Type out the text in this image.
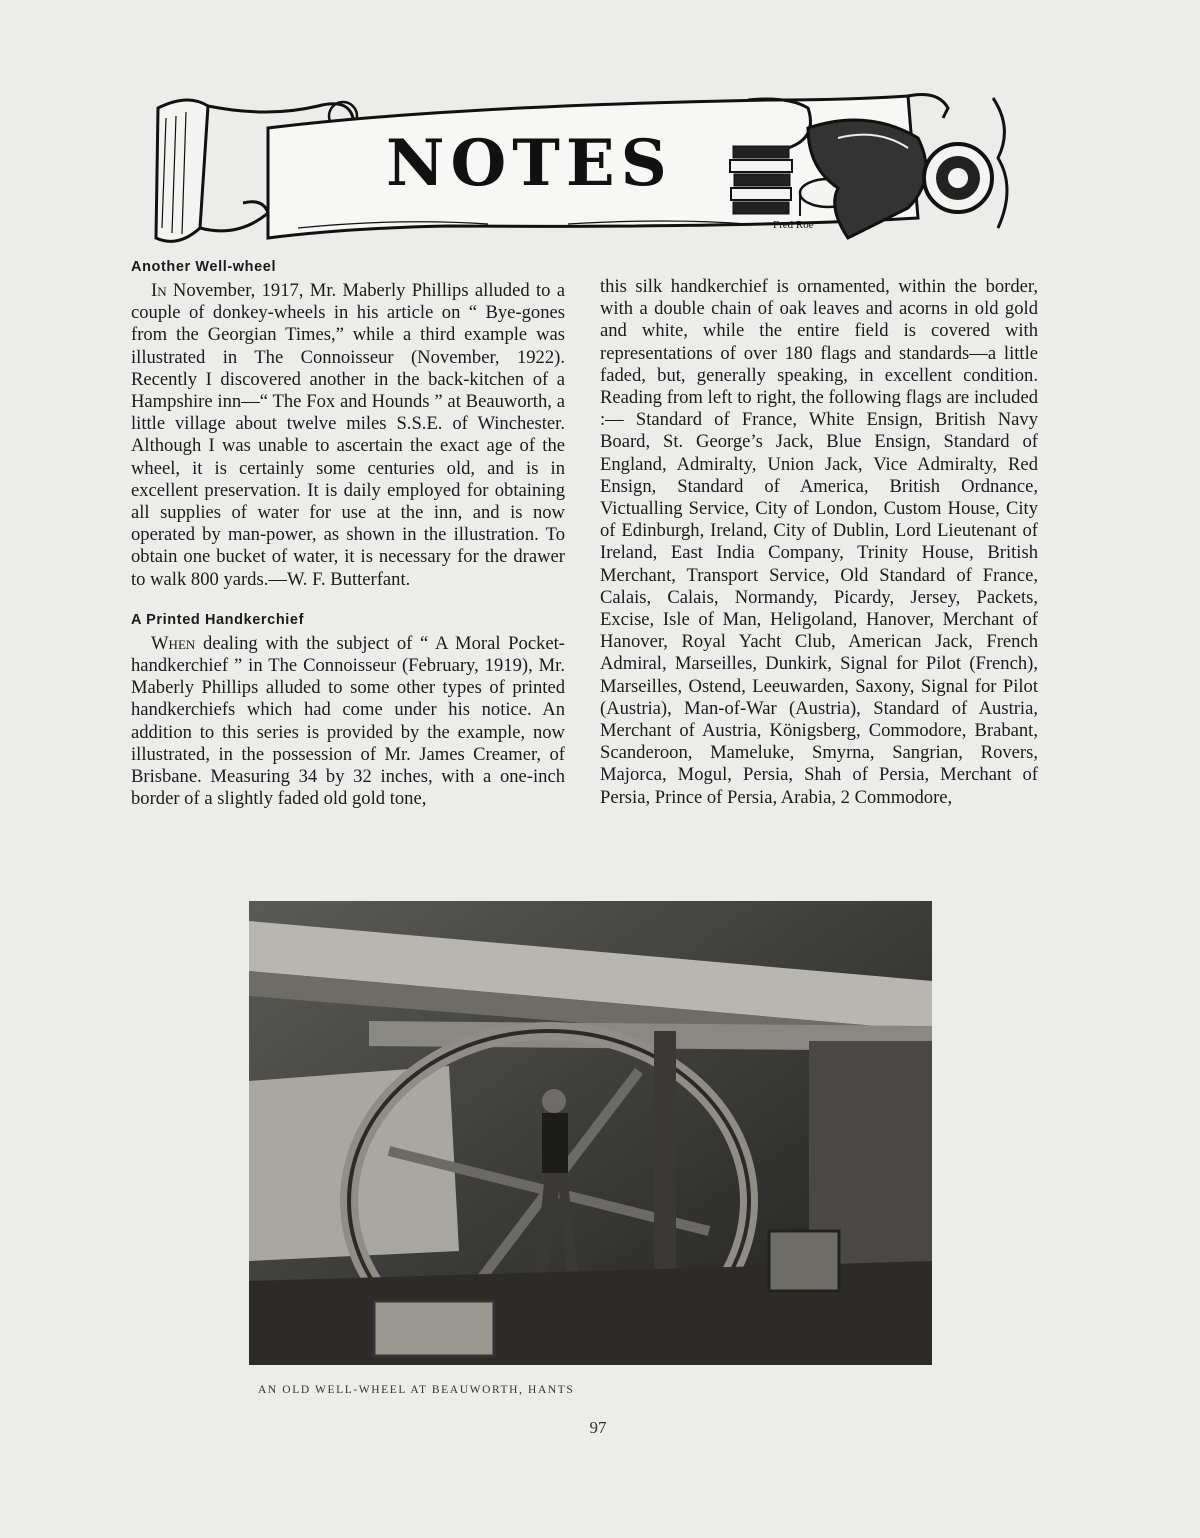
Fred Roe
NOTES
Another Well-wheel

In November, 1917, Mr. Maberly Phillips alluded to a couple of donkey-wheels in his article on “ Bye-gones from the Georgian Times,” while a third example was illustrated in The Connoisseur (November, 1922). Recently I discovered another in the back-kitchen of a Hampshire inn—“ The Fox and Hounds ” at Beauworth, a little village about twelve miles S.S.E. of Winchester. Although I was unable to ascertain the exact age of the wheel, it is certainly some centuries old, and is in excellent preservation. It is daily employed for obtaining all supplies of water for use at the inn, and is now operated by man-power, as shown in the illustration. To obtain one bucket of water, it is necessary for the drawer to walk 800 yards.—W. F. Butterfant.

A Printed Handkerchief

When dealing with the subject of “ A Moral Pocket-handkerchief ” in The Connoisseur (February, 1919), Mr. Maberly Phillips alluded to some other types of printed handkerchiefs which had come under his notice. An addition to this series is provided by the example, now illustrated, in the possession of Mr. James Creamer, of Brisbane. Measuring 34 by 32 inches, with a one-inch border of a slightly faded old gold tone,

this silk handkerchief is ornamented, within the border, with a double chain of oak leaves and acorns in old gold and white, while the entire field is covered with representations of over 180 flags and standards—a little faded, but, generally speaking, in excellent condition. Reading from left to right, the following flags are included :— Standard of France, White Ensign, British Navy Board, St. George’s Jack, Blue Ensign, Standard of England, Admiralty, Union Jack, Vice Admiralty, Red Ensign, Standard of America, British Ordnance, Victualling Service, City of London, Custom House, City of Edinburgh, Ireland, City of Dublin, Lord Lieutenant of Ireland, East India Company, Trinity House, British Merchant, Transport Service, Old Standard of France, Calais, Calais, Normandy, Picardy, Jersey, Packets, Excise, Isle of Man, Heligoland, Hanover, Merchant of Hanover, Royal Yacht Club, American Jack, French Admiral, Marseilles, Dunkirk, Signal for Pilot (French), Marseilles, Ostend, Leeuwarden, Saxony, Signal for Pilot (Austria), Man-of-War (Austria), Standard of Austria, Merchant of Austria, Königsberg, Commodore, Brabant, Scanderoon, Mameluke, Smyrna, Sangrian, Rovers, Majorca, Mogul, Persia, Shah of Persia, Merchant of Persia, Prince of Persia, Arabia, 2 Commodore,

AN OLD WELL-WHEEL AT BEAUWORTH, HANTS
97
